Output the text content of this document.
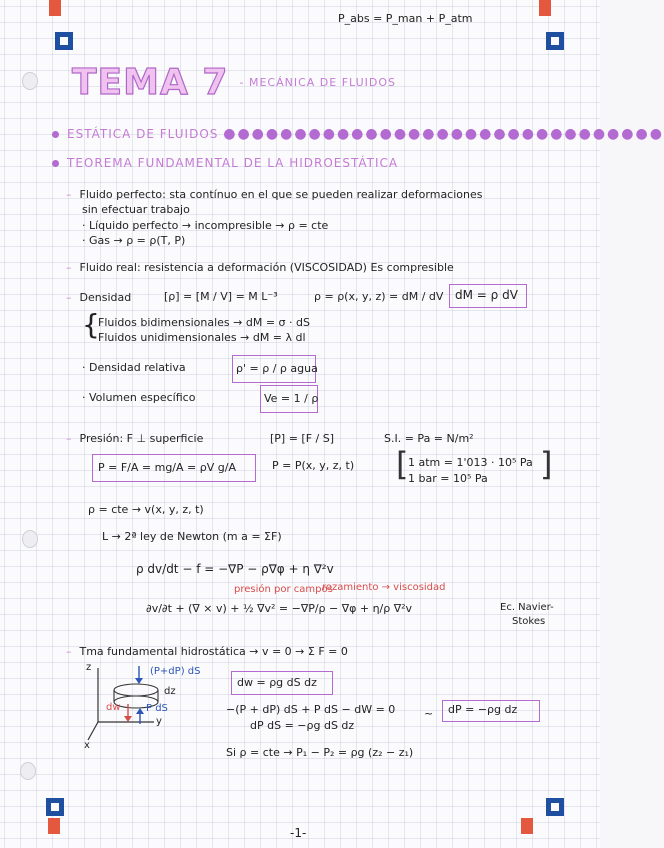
P_abs = P_man + P_atm
TEMA 7 $^{- MECÁNICA DE FLUIDOS}$
ESTÁTICA DE FLUIDOS ●●●●●●●●●●●●●●●●●●●●●●●●●●●●●●●
TEOREMA FUNDAMENTAL DE LA HIDROESTÁTICA
– Fluido perfecto: sta contínuo en el que se pueden realizar deformaciones
sin efectuar trabajo
· Líquido perfecto → incompresible → ρ = cte
· Gas → ρ = ρ(T, P)
– Fluido real: resistencia a deformación (VISCOSIDAD) Es compresible
– Densidad	[ρ] = [M / V] = M L⁻³	ρ = ρ(x, y, z) = dM / dV dM = ρ dV
{
Fluidos bidimensionales → dM = σ · dS
Fluidos unidimensionales → dM = λ dl
· Densidad relativa	ρ' = ρ / ρ agua
· Volumen específico	Ve = 1 / ρ
– Presión: F ⊥ superficie	[P] = [F / S]	S.I. = Pa = N/m²
P = F/A = mg/A = ρV g/A	P = P(x, y, z, t) [ 1 atm = 1'013 · 10⁵ Pa
1 bar = 10⁵ Pa ]
ρ = cte → v(x, y, z, t)
L → 2ª ley de Newton (m a = ΣF)
ρ dv/dt − f = −∇P − ρ∇φ + η ∇²v
presión por campos
rozamiento → viscosidad
∂v/∂t + (∇ × v) + ½ ∇v² = −∇P/ρ − ∇φ + η/ρ ∇²v	Ec. Navier-
Stokes
– Tma fundamental hidrostática → v = 0 → Σ F = 0
(P+dP) dS
dz
dw	P dS
z
x
y
dw = ρg dS dz
−(P + dP) dS + P dS − dW = 0
dP dS = −ρg dS dz
~ dP = −ρg dz
Si ρ = cte → P₁ − P₂ = ρg (z₂ − z₁)
-1-
